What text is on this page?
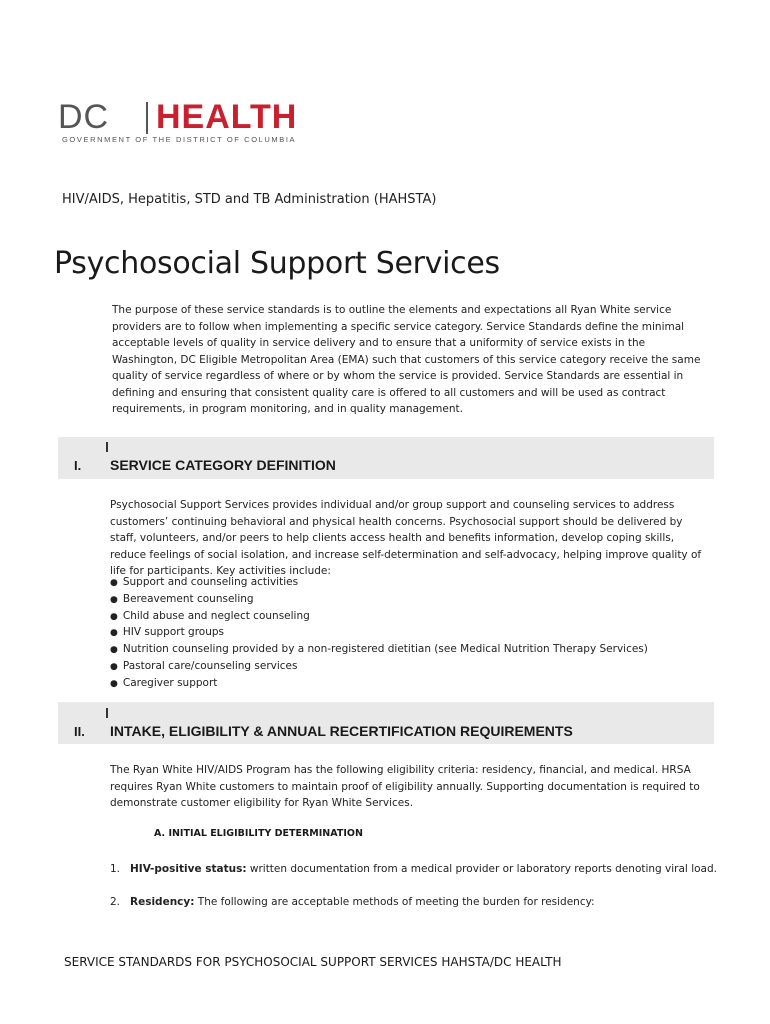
DC HEALTH
GOVERNMENT OF THE DISTRICT OF COLUMBIA
HIV/AIDS, Hepatitis, STD and TB Administration (HAHSTA)
Psychosocial Support Services
The purpose of these service standards is to outline the elements and expectations all Ryan White service providers are to follow when implementing a specific service category. Service Standards define the minimal acceptable levels of quality in service delivery and to ensure that a uniformity of service exists in the Washington, DC Eligible Metropolitan Area (EMA) such that customers of this service category receive the same quality of service regardless of where or by whom the service is provided. Service Standards are essential in defining and ensuring that consistent quality care is offered to all customers and will be used as contract requirements, in program monitoring, and in quality management.
I. SERVICE CATEGORY DEFINITION
Psychosocial Support Services provides individual and/or group support and counseling services to address customers’ continuing behavioral and physical health concerns. Psychosocial support should be delivered by staff, volunteers, and/or peers to help clients access health and benefits information, develop coping skills, reduce feelings of social isolation, and increase self-determination and self-advocacy, helping improve quality of life for participants. Key activities include:
● Support and counseling activities
● Bereavement counseling
● Child abuse and neglect counseling
● HIV support groups
● Nutrition counseling provided by a non-registered dietitian (see Medical Nutrition Therapy Services)
● Pastoral care/counseling services
● Caregiver support
II. INTAKE, ELIGIBILITY & ANNUAL RECERTIFICATION REQUIREMENTS
The Ryan White HIV/AIDS Program has the following eligibility criteria: residency, financial, and medical. HRSA requires Ryan White customers to maintain proof of eligibility annually. Supporting documentation is required to demonstrate customer eligibility for Ryan White Services.
A. INITIAL ELIGIBILITY DETERMINATION
1. HIV-positive status: written documentation from a medical provider or laboratory reports denoting viral load.
2. Residency: The following are acceptable methods of meeting the burden for residency:
SERVICE STANDARDS FOR PSYCHOSOCIAL SUPPORT SERVICES HAHSTA/DC HEALTH
